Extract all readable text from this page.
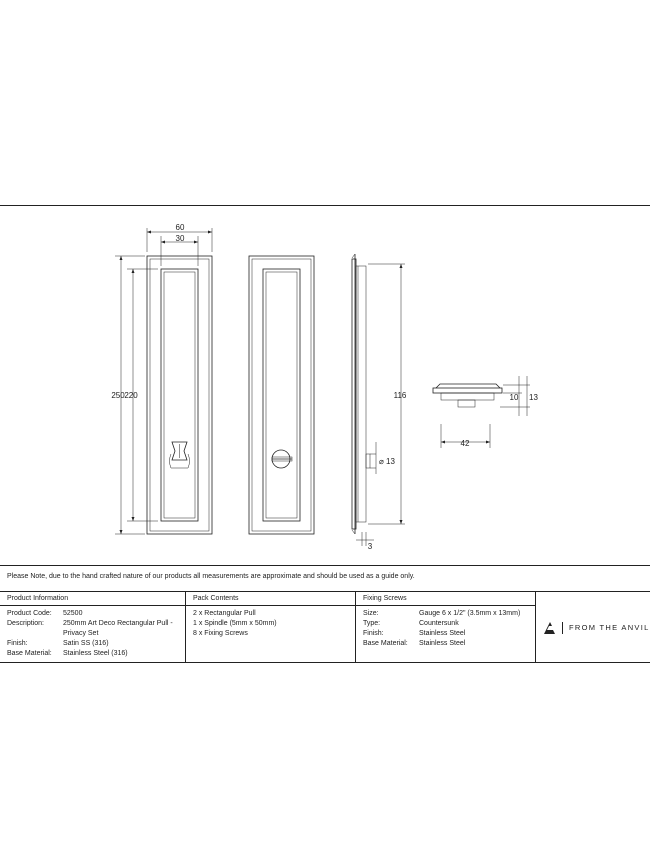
60
30
250 220	116
⌀ 13
3
42
10 13
Please Note, due to the hand crafted nature of our products all measurements are approximate and should be used as a guide only.
Product Information
Product Code:	52500
Description:	250mm Art Deco Rectangular Pull -
Privacy Set
Finish:	Satin SS (316)
Base Material:	Stainless Steel (316)
Pack Contents
2 x Rectangular Pull
1 x Spindle (5mm x 50mm)
8 x Fixing Screws
Fixing Screws
Size:	Gauge 6 x 1/2" (3.5mm x 13mm)
Type:	Countersunk
Finish:	Stainless Steel
Base Material:	Stainless Steel
FROM THE ANVIL
